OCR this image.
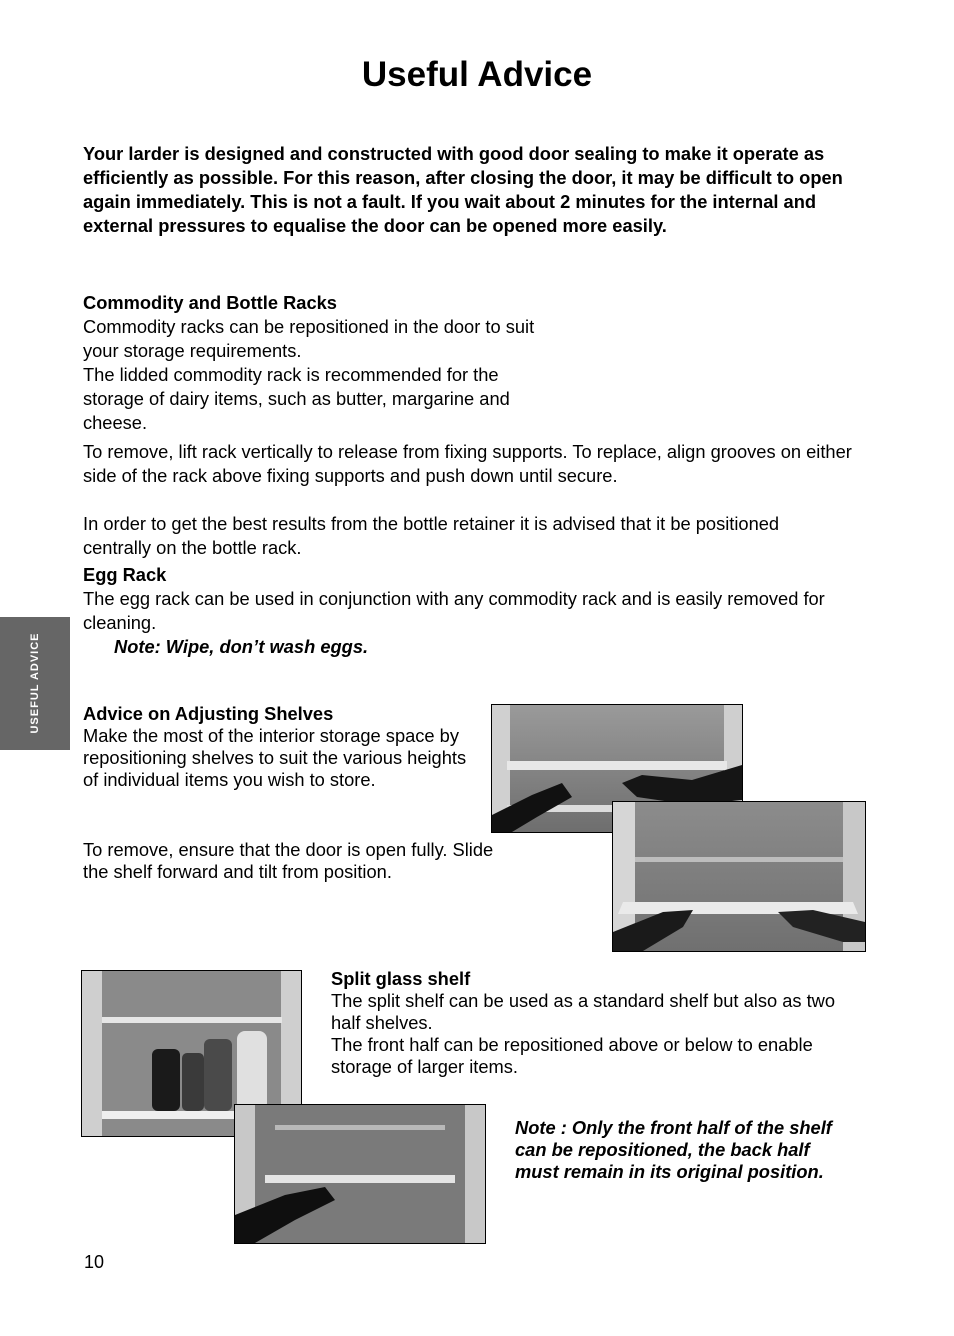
Useful Advice
Your larder is designed and constructed with good door sealing to make it operate as efficiently as possible. For this reason, after closing the door, it may be difficult to open again immediately. This is not a fault. If you wait about 2 minutes for the internal and external pressures to equalise the door can be opened more easily.
Commodity and Bottle Racks
Commodity racks can be repositioned in the door to suit your storage requirements.
The lidded commodity rack is recommended for the storage of dairy items, such as butter, margarine and cheese.
To remove, lift rack vertically to release from fixing supports. To replace, align grooves on either side of the rack above fixing supports and push down until secure.
In order to get the best results from the bottle retainer it is advised that it be positioned centrally on the bottle rack.
Egg Rack
The egg rack can be used in conjunction with any commodity rack and is easily removed for cleaning.
Note: Wipe, don’t wash eggs.
USEFUL ADVICE Advice on Adjusting Shelves
Make the most of the interior storage space by repositioning shelves to suit the various heights of individual items you wish to store.
To remove, ensure that the door is open fully. Slide the shelf forward and tilt from position.
Split glass shelf
The split shelf can be used as a standard shelf but also as two half shelves.
The front half can be repositioned above or below to enable storage of larger items.
Note : Only the front half of the shelf can be repositioned, the back half must remain in its original position.
10
